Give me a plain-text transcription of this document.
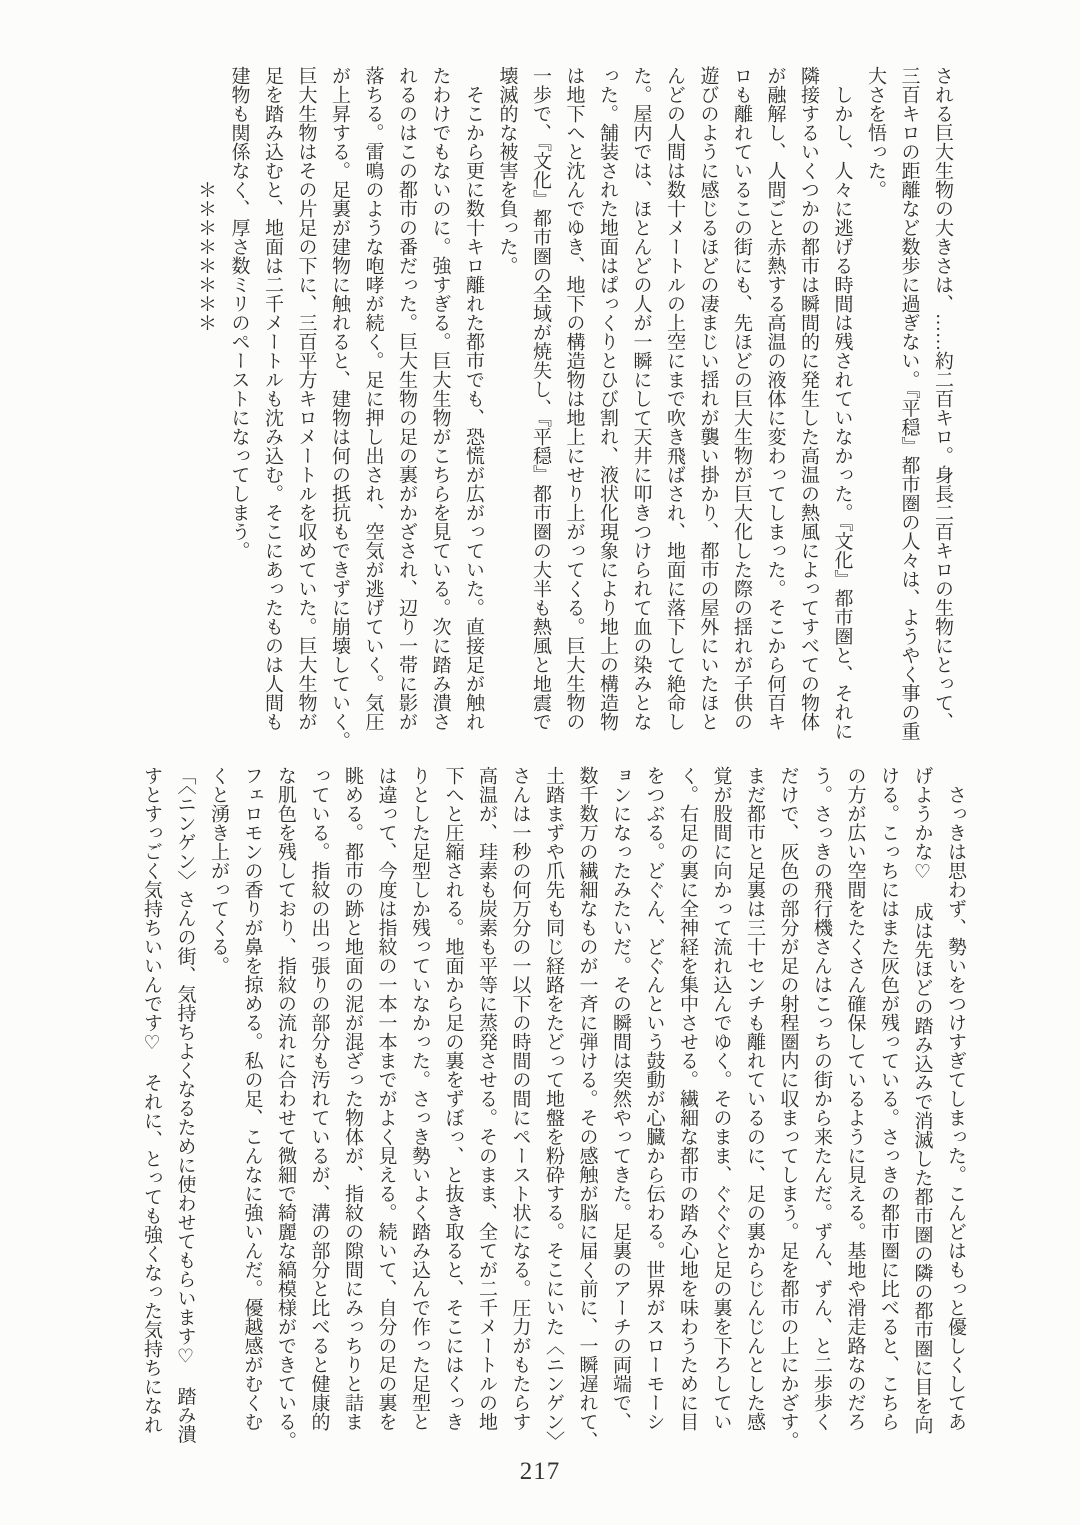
される巨大生物の大きさは、……約二百キロ。身長二百キロの生物にとって、

三百キロの距離など数歩に過ぎない。『平穏』都市圏の人々は、ようやく事の重

大さを悟った。

　しかし、人々に逃げる時間は残されていなかった。『文化』都市圏と、それに

隣接するいくつかの都市は瞬間的に発生した高温の熱風によってすべての物体

が融解し、人間ごと赤熱する高温の液体に変わってしまった。そこから何百キ

ロも離れているこの街にも、先ほどの巨大生物が巨大化した際の揺れが子供の

遊びのように感じるほどの凄まじい揺れが襲い掛かり、都市の屋外にいたほと

んどの人間は数十メートルの上空にまで吹き飛ばされ、地面に落下して絶命し

た。屋内では、ほとんどの人が一瞬にして天井に叩きつけられて血の染みとな

った。舗装された地面はぱっくりとひび割れ、液状化現象により地上の構造物

は地下へと沈んでゆき、地下の構造物は地上にせり上がってくる。巨大生物の

一歩で、『文化』都市圏の全域が焼失し、『平穏』都市圏の大半も熱風と地震で

壊滅的な被害を負った。

　そこから更に数十キロ離れた都市でも、恐慌が広がっていた。直接足が触れ

たわけでもないのに。強すぎる。巨大生物がこちらを見ている。次に踏み潰さ

れるのはこの都市の番だった。巨大生物の足の裏がかざされ、辺り一帯に影が

落ちる。雷鳴のような咆哮が続く。足に押し出され、空気が逃げていく。気圧

が上昇する。足裏が建物に触れると、建物は何の抵抗もできずに崩壊していく。

巨大生物はその片足の下に、三百平方キロメートルを収めていた。巨大生物が

足を踏み込むと、地面は二千メートルも沈み込む。そこにあったものは人間も

建物も関係なく、厚さ数ミリのペーストになってしまう。

　　　　　　＊＊＊＊＊＊＊＊

　さっきは思わず、勢いをつけすぎてしまった。こんどはもっと優しくしてあ

げようかな♡　成は先ほどの踏み込みで消滅した都市圏の隣の都市圏に目を向

ける。こっちにはまた灰色が残っている。さっきの都市圏に比べると、こちら

の方が広い空間をたくさん確保しているように見える。基地や滑走路なのだろ

う。さっきの飛行機さんはこっちの街から来たんだ。ずん、ずん、と二歩歩く

だけで、灰色の部分が足の射程圏内に収まってしまう。足を都市の上にかざす。

まだ都市と足裏は三十センチも離れているのに、足の裏からじんじんとした感

覚が股間に向かって流れ込んでゆく。そのまま、ぐぐぐと足の裏を下ろしてい

く。右足の裏に全神経を集中させる。繊細な都市の踏み心地を味わうために目

をつぶる。どぐん、どぐんという鼓動が心臓から伝わる。世界がスローモーシ

ョンになったみたいだ。その瞬間は突然やってきた。足裏のアーチの両端で、

数千数万の繊細なものが一斉に弾ける。その感触が脳に届く前に、一瞬遅れて、

土踏まずや爪先も同じ経路をたどって地盤を粉砕する。そこにいた〈ニンゲン〉

さんは一秒の何万分の一以下の時間の間にペースト状になる。圧力がもたらす

高温が、珪素も炭素も平等に蒸発させる。そのまま、全てが二千メートルの地

下へと圧縮される。地面から足の裏をずぼっ、と抜き取ると、そこにはくっき

りとした足型しか残っていなかった。さっき勢いよく踏み込んで作った足型と

は違って、今度は指紋の一本一本までがよく見える。続いて、自分の足の裏を

眺める。都市の跡と地面の泥が混ざった物体が、指紋の隙間にみっちりと詰ま

っている。指紋の出っ張りの部分も汚れているが、溝の部分と比べると健康的

な肌色を残しており、指紋の流れに合わせて微細で綺麗な縞模様ができている。

フェロモンの香りが鼻を掠める。私の足、こんなに強いんだ。優越感がむくむ

くと湧き上がってくる。

「〈ニンゲン〉さんの街、気持ちよくなるために使わせてもらいます♡　踏み潰

すとすっごく気持ちいいんです♡　それに、とっても強くなった気持ちになれ

217
